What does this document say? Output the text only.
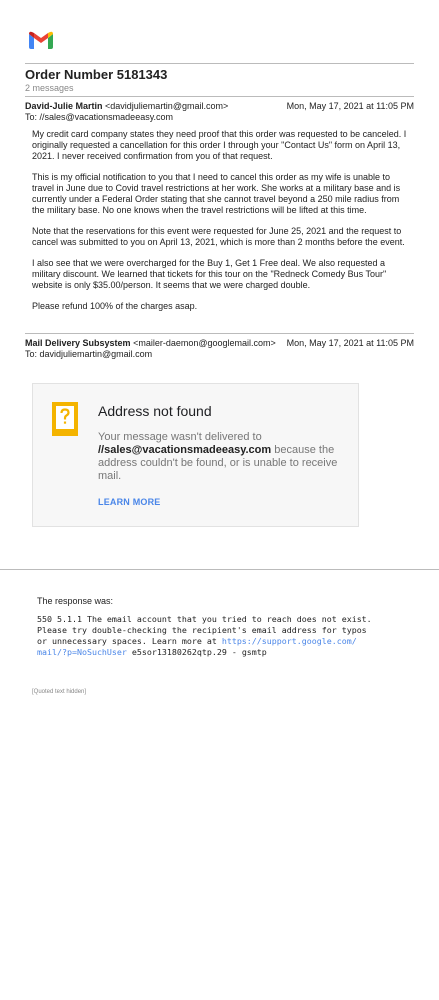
Order Number 5181343
2 messages
David-Julie Martin <davidjuliemartin@gmail.com>	Mon, May 17, 2021 at 11:05 PM
To: //sales@vacationsmadeeasy.com

My credit card company states they need proof that this order was requested to be canceled. I originally requested a cancellation for this order I through your "Contact Us" form on April 13, 2021. I never received confirmation from you of that request.

This is my official notification to you that I need to cancel this order as my wife is unable to travel in June due to Covid travel restrictions at her work. She works at a military base and is currently under a Federal Order stating that she cannot travel beyond a 250 mile radius from the military base. No one knows when the travel restrictions will be lifted at this time.

Note that the reservations for this event were requested for June 25, 2021 and the request to cancel was submitted to you on April 13, 2021, which is more than 2 months before the event.

I also see that we were overcharged for the Buy 1, Get 1 Free deal. We also requested a military discount. We learned that tickets for this tour on the "Redneck Comedy Bus Tour" website is only $35.00/person. It seems that we were charged double.

Please refund 100% of the charges asap.

Mail Delivery Subsystem <mailer-daemon@googlemail.com> Mon, May 17, 2021 at 11:05 PM
To: davidjuliemartin@gmail.com
Address not found
Your message wasn't delivered to
//sales@vacationsmadeeasy.com because the address couldn't be found, or is unable to receive mail.
LEARN MORE
The response was:
550 5.1.1 The email account that you tried to reach does not exist.
Please try double-checking the recipient's email address for typos
or unnecessary spaces. Learn more at https://support.google.com/
mail/?p=NoSuchUser e5sor13180262qtp.29 - gsmtp
[Quoted text hidden]
